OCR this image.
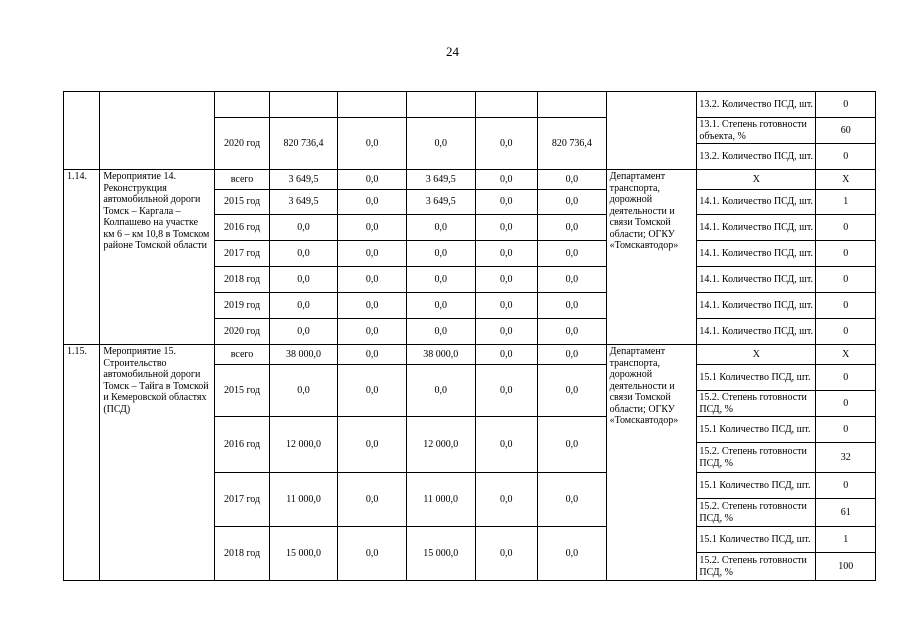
24
									13.2. Количество ПСД, шт.	0
		2020 год	820 736,4	0,0	0,0	0,0	820 736,4		13.1. Степень готовности объекта, %	60
									13.2. Количество ПСД, шт.	0
1.14.	Мероприятие 14. Реконструкция автомобильной дороги Томск – Каргала – Колпашево на участке км 6 – км 10,8 в Томском районе Томской области	всего	3 649,5	0,0	3 649,5	0,0	0,0	Департамент транспорта, дорожной деятельности и связи Томской области; ОГКУ «Томскавтодор»	Х	Х
		2015 год	3 649,5	0,0	3 649,5	0,0	0,0		14.1. Количество ПСД, шт.	1
		2016 год	0,0	0,0	0,0	0,0	0,0		14.1. Количество ПСД, шт.	0
		2017 год	0,0	0,0	0,0	0,0	0,0		14.1. Количество ПСД, шт.	0
		2018 год	0,0	0,0	0,0	0,0	0,0		14.1. Количество ПСД, шт.	0
		2019 год	0,0	0,0	0,0	0,0	0,0		14.1. Количество ПСД, шт.	0
		2020 год	0,0	0,0	0,0	0,0	0,0		14.1. Количество ПСД, шт.	0
1.15.	Мероприятие 15. Строительство автомобильной дороги Томск – Тайга в Томской и Кемеровской областях (ПСД)	всего	38 000,0	0,0	38 000,0	0,0	0,0	Департамент транспорта, дорожной деятельности и связи Томской области; ОГКУ «Томскавтодор»	Х	Х
		2015 год	0,0	0,0	0,0	0,0	0,0		15.1 Количество ПСД, шт.	0
									15.2. Степень готовности ПСД, %	0
		2016 год	12 000,0	0,0	12 000,0	0,0	0,0		15.1 Количество ПСД, шт.	0
									15.2. Степень готовности ПСД, %	32
		2017 год	11 000,0	0,0	11 000,0	0,0	0,0		15.1 Количество ПСД, шт.	0
									15.2. Степень готовности ПСД, %	61
		2018 год	15 000,0	0,0	15 000,0	0,0	0,0		15.1 Количество ПСД, шт.	1
									15.2. Степень готовности ПСД, %	100
